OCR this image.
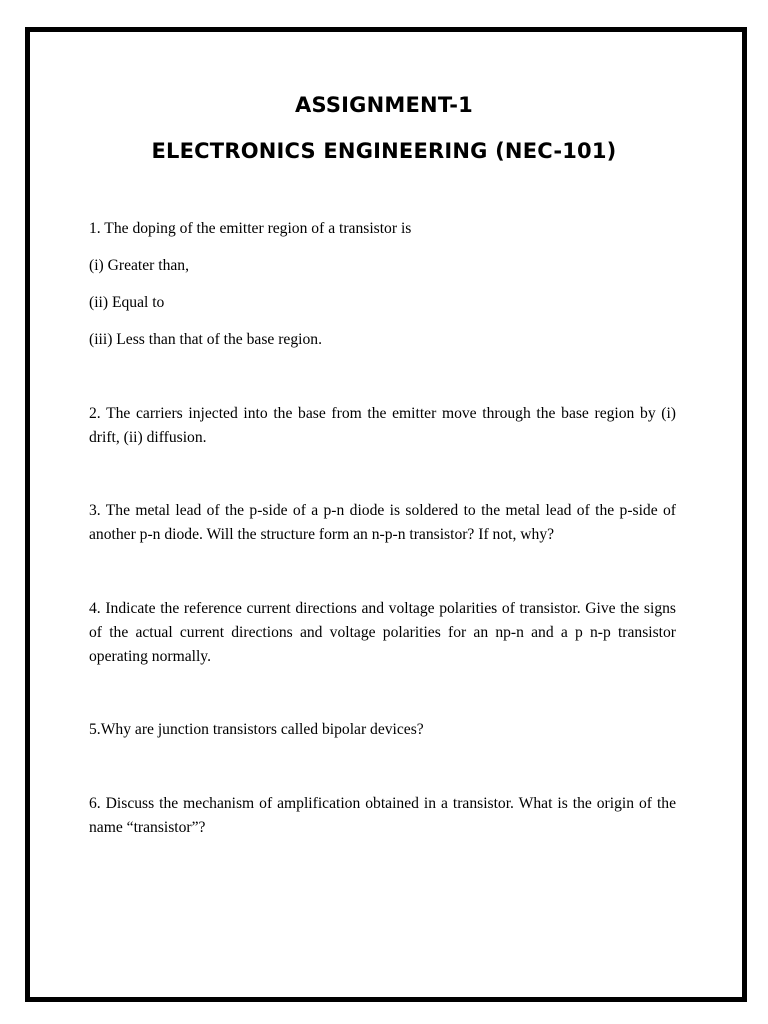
ASSIGNMENT-1
ELECTRONICS ENGINEERING (NEC-101)

1. The doping of the emitter region of a transistor is

(i) Greater than,

(ii) Equal to

(iii) Less than that of the base region.

2. The carriers injected into the base from the emitter move through the base region by (i) drift, (ii) diffusion.

3. The metal lead of the p-side of a p-n diode is soldered to the metal lead of the p-side of another p-n diode. Will the structure form an n-p-n transistor? If not, why?

4. Indicate the reference current directions and voltage polarities of transistor. Give the signs of the actual current directions and voltage polarities for an np-n and a p n-p transistor operating normally.

5.Why are junction transistors called bipolar devices?

6. Discuss the mechanism of amplification obtained in a transistor. What is the origin of the name “transistor”?
